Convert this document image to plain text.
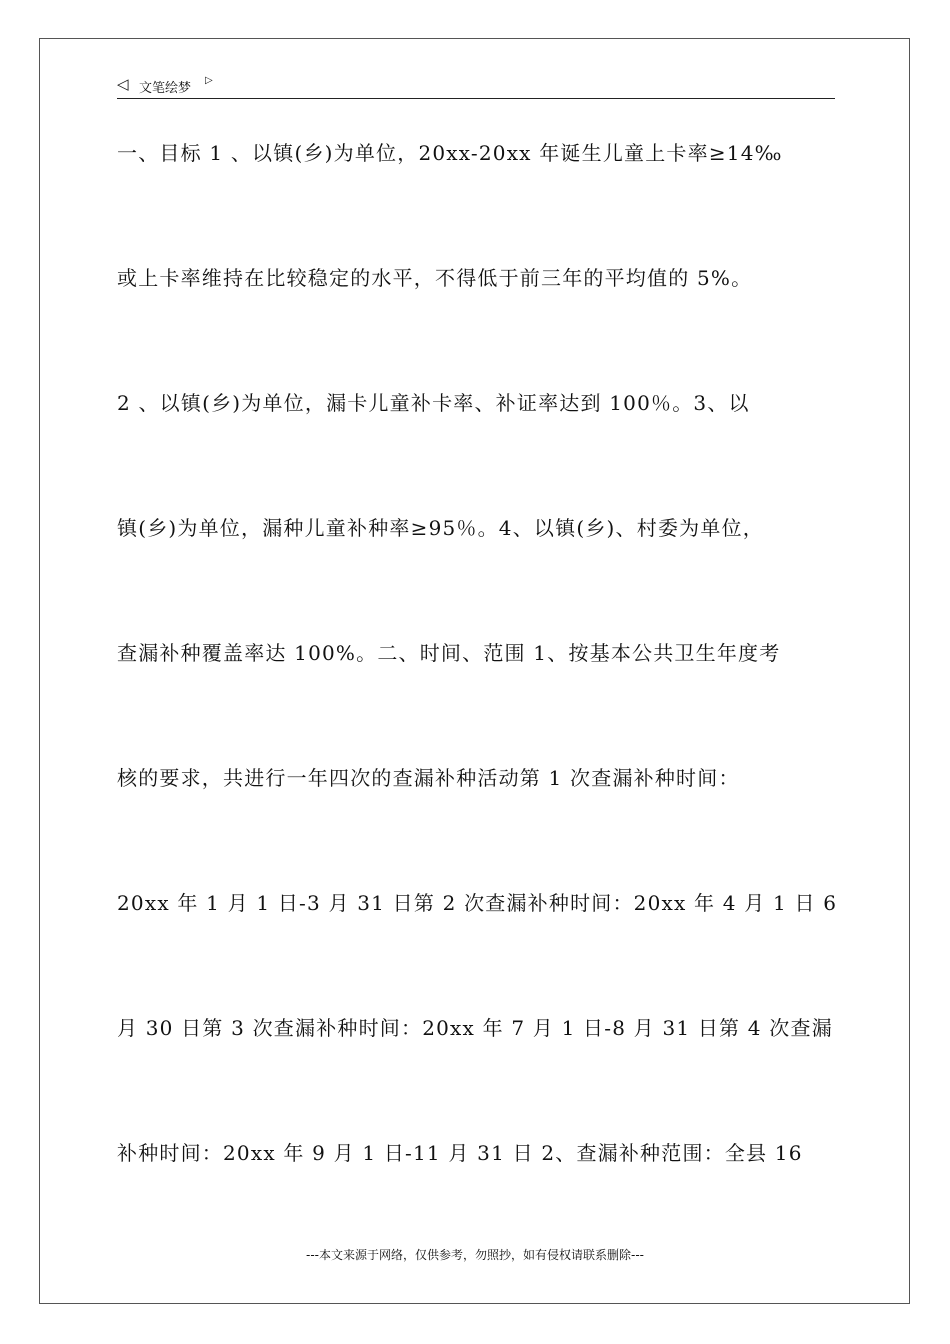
◁ 文笔绘梦
▷
一、目标 1 、以镇(乡)为单位，20xx-20xx 年诞生儿童上卡率≥14‰
或上卡率维持在比较稳定的水平，不得低于前三年的平均值的 5%。
2 、以镇(乡)为单位，漏卡儿童补卡率、补证率达到 100％。3、以
镇(乡)为单位，漏种儿童补种率≥95％。4、以镇(乡)、村委为单位，
查漏补种覆盖率达 100%。二、时间、范围 1、按基本公共卫生年度考
核的要求，共进行一年四次的查漏补种活动第 1 次查漏补种时间：
20xx 年 1 月 1 日-3 月 31 日第 2 次查漏补种时间：20xx 年 4 月 1 日 6
月 30 日第 3 次查漏补种时间：20xx 年 7 月 1 日-8 月 31 日第 4 次查漏
补种时间：20xx 年 9 月 1 日-11 月 31 日 2、查漏补种范围：全县 16
---本文来源于网络，仅供参考，勿照抄，如有侵权请联系删除---
